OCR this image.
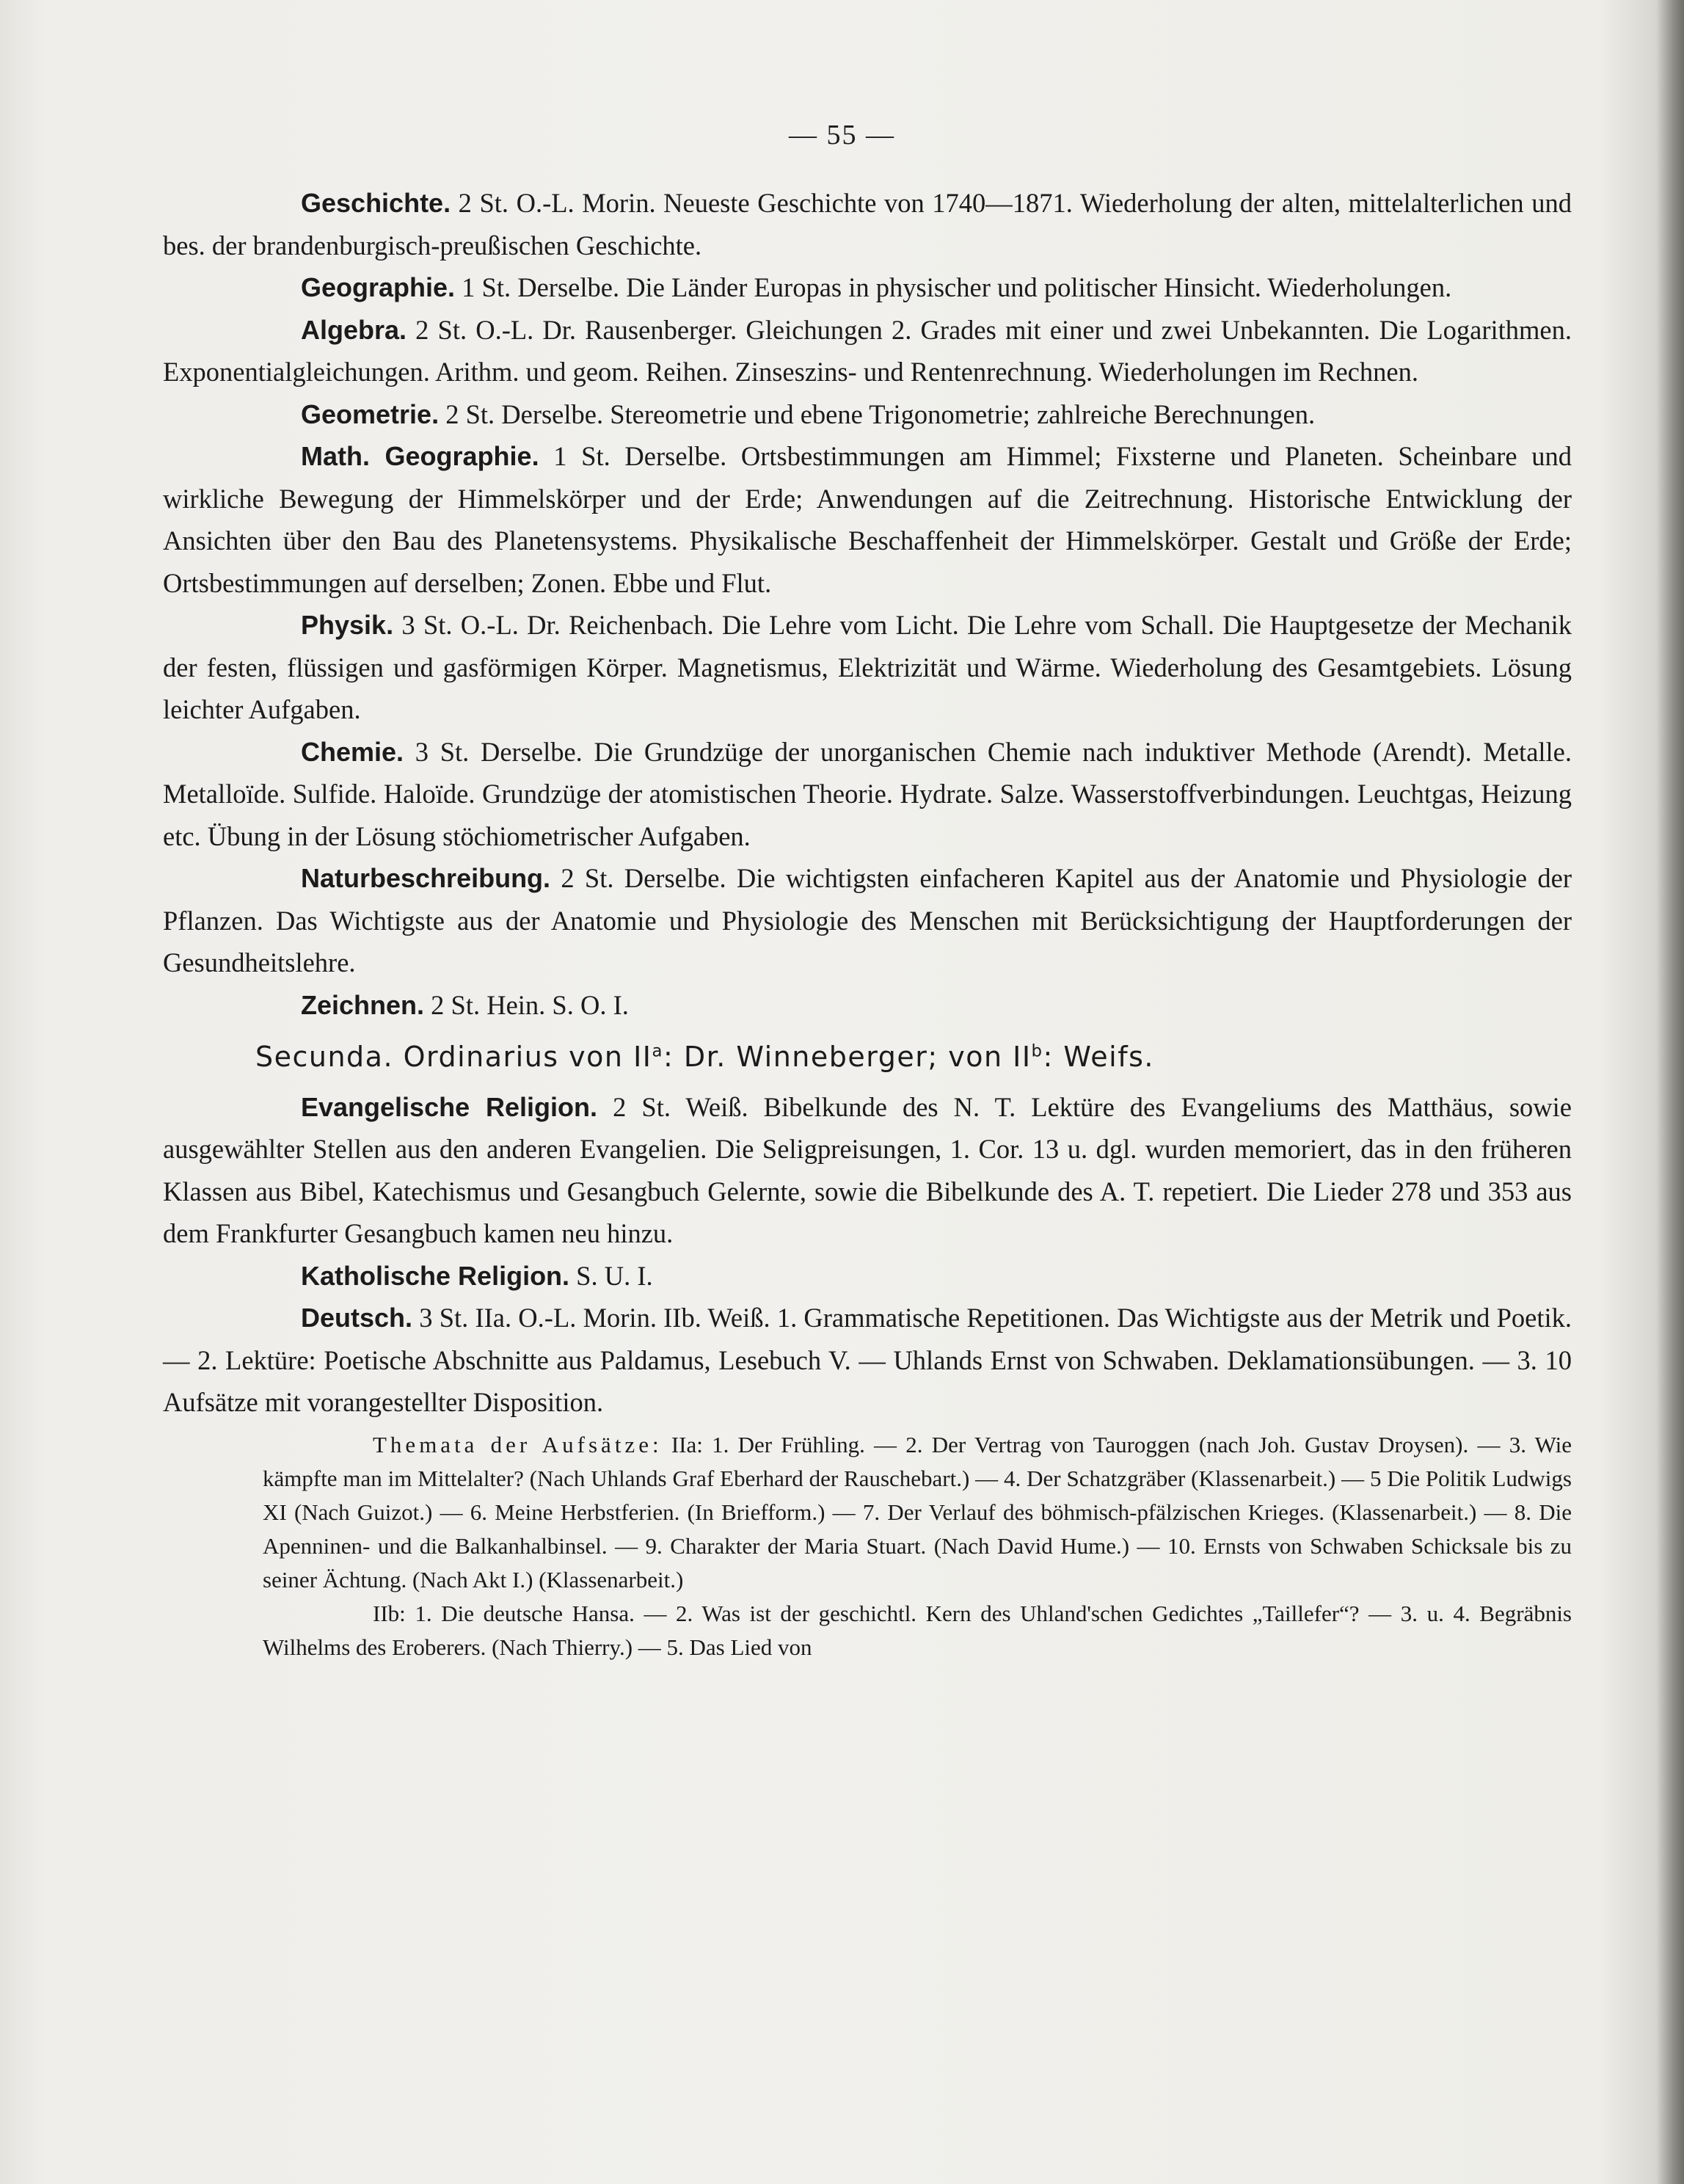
— 55 —

Geschichte. 2 St. O.-L. Morin. Neueste Geschichte von 1740—1871. Wiederholung der alten, mittelalterlichen und bes. der brandenburgisch-preußischen Geschichte.

Geographie. 1 St. Derselbe. Die Länder Europas in physischer und politischer Hinsicht. Wiederholungen.

Algebra. 2 St. O.-L. Dr. Rausenberger. Gleichungen 2. Grades mit einer und zwei Unbekannten. Die Logarithmen. Exponentialgleichungen. Arithm. und geom. Reihen. Zinseszins- und Rentenrechnung. Wiederholungen im Rechnen.

Geometrie. 2 St. Derselbe. Stereometrie und ebene Trigonometrie; zahlreiche Berechnungen.

Math. Geographie. 1 St. Derselbe. Ortsbestimmungen am Himmel; Fixsterne und Planeten. Scheinbare und wirkliche Bewegung der Himmelskörper und der Erde; Anwendungen auf die Zeitrechnung. Historische Entwicklung der Ansichten über den Bau des Planetensystems. Physikalische Beschaffenheit der Himmelskörper. Gestalt und Größe der Erde; Ortsbestimmungen auf derselben; Zonen. Ebbe und Flut.

Physik. 3 St. O.-L. Dr. Reichenbach. Die Lehre vom Licht. Die Lehre vom Schall. Die Hauptgesetze der Mechanik der festen, flüssigen und gasförmigen Körper. Magnetismus, Elektrizität und Wärme. Wiederholung des Gesamtgebiets. Lösung leichter Aufgaben.

Chemie. 3 St. Derselbe. Die Grundzüge der unorganischen Chemie nach induktiver Methode (Arendt). Metalle. Metalloïde. Sulfide. Haloïde. Grundzüge der atomistischen Theorie. Hydrate. Salze. Wasserstoffverbindungen. Leuchtgas, Heizung etc. Übung in der Lösung stöchiometrischer Aufgaben.

Naturbeschreibung. 2 St. Derselbe. Die wichtigsten einfacheren Kapitel aus der Anatomie und Physiologie der Pflanzen. Das Wichtigste aus der Anatomie und Physiologie des Menschen mit Berücksichtigung der Hauptforderungen der Gesundheitslehre.

Zeichnen. 2 St. Hein. S. O. I.

Secunda. Ordinarius von $II^a$: Dr. Winneberger; von $II^b$: Weifs.

Evangelische Religion. 2 St. Weiß. Bibelkunde des N. T. Lektüre des Evangeliums des Matthäus, sowie ausgewählter Stellen aus den anderen Evangelien. Die Seligpreisungen, 1. Cor. 13 u. dgl. wurden memoriert, das in den früheren Klassen aus Bibel, Katechismus und Gesangbuch Gelernte, sowie die Bibelkunde des A. T. repetiert. Die Lieder 278 und 353 aus dem Frankfurter Gesangbuch kamen neu hinzu.

Katholische Religion. S. U. I.

Deutsch. 3 St. IIa. O.-L. Morin. IIb. Weiß. 1. Grammatische Repetitionen. Das Wichtigste aus der Metrik und Poetik. — 2. Lektüre: Poetische Abschnitte aus Paldamus, Lesebuch V. — Uhlands Ernst von Schwaben. Deklamationsübungen. — 3. 10 Aufsätze mit vorangestellter Disposition.

Themata der Aufsätze: IIa: 1. Der Frühling. — 2. Der Vertrag von Tauroggen (nach Joh. Gustav Droysen). — 3. Wie kämpfte man im Mittelalter? (Nach Uhlands Graf Eberhard der Rauschebart.) — 4. Der Schatzgräber (Klassenarbeit.) — 5 Die Politik Ludwigs XI (Nach Guizot.) — 6. Meine Herbstferien. (In Briefform.) — 7. Der Verlauf des böhmisch-pfälzischen Krieges. (Klassenarbeit.) — 8. Die Apenninen- und die Balkanhalbinsel. — 9. Charakter der Maria Stuart. (Nach David Hume.) — 10. Ernsts von Schwaben Schicksale bis zu seiner Ächtung. (Nach Akt I.) (Klassenarbeit.)

IIb: 1. Die deutsche Hansa. — 2. Was ist der geschichtl. Kern des Uhland'schen Gedichtes „Taillefer“? — 3. u. 4. Begräbnis Wilhelms des Eroberers. (Nach Thierry.) — 5. Das Lied von
